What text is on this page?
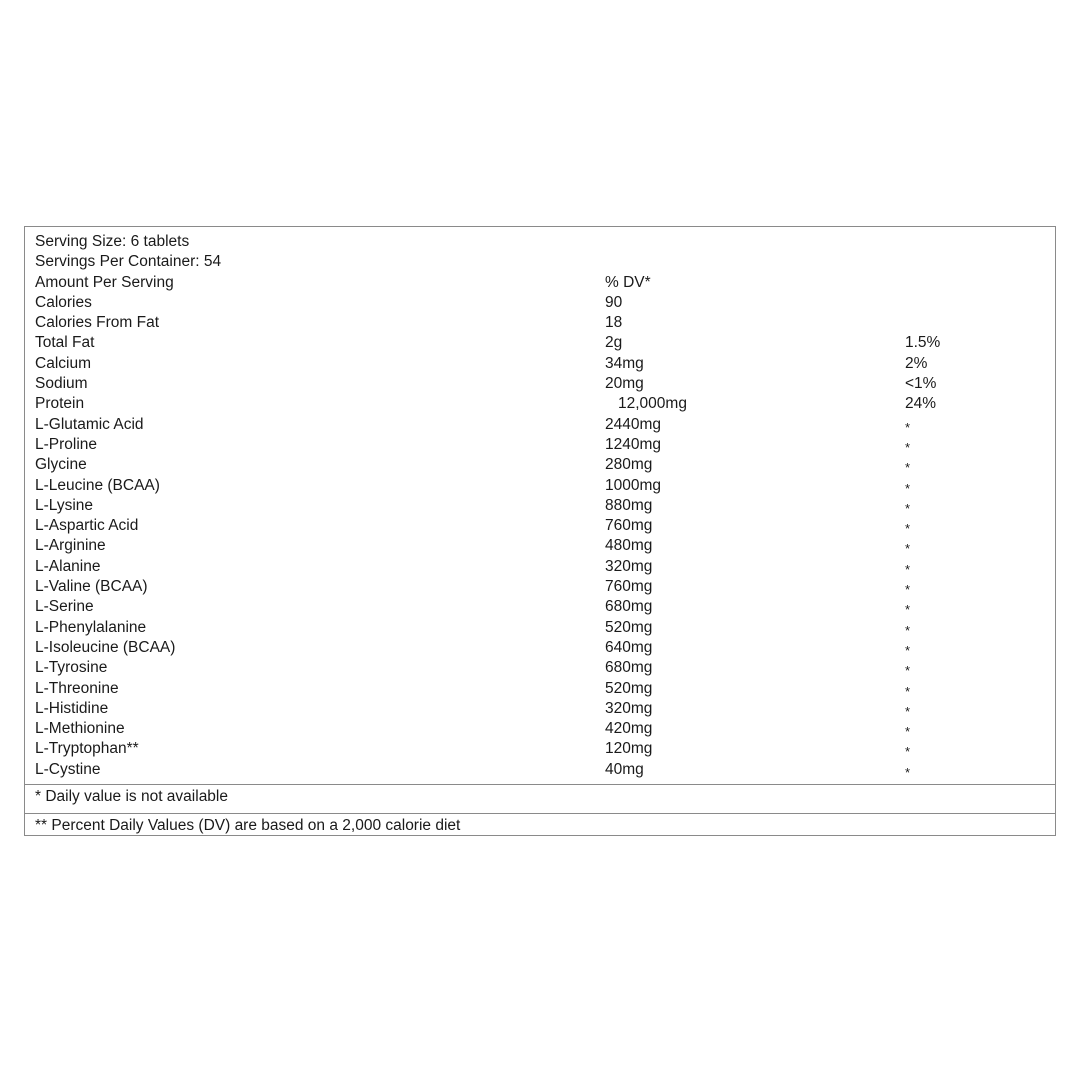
Serving Size: 6 tablets
Servings Per Container: 54
Amount Per Serving	% DV*
Calories	90
Calories From Fat	18
Total Fat	2g	1.5%
Calcium	34mg	2%
Sodium	20mg	<1%
Protein	12,000mg	24%
L-Glutamic Acid	2440mg	*
L-Proline	1240mg	*
Glycine	280mg	*
L-Leucine (BCAA)	1000mg	*
L-Lysine	880mg	*
L-Aspartic Acid	760mg	*
L-Arginine	480mg	*
L-Alanine	320mg	*
L-Valine (BCAA)	760mg	*
L-Serine	680mg	*
L-Phenylalanine	520mg	*
L-Isoleucine (BCAA)	640mg	*
L-Tyrosine	680mg	*
L-Threonine	520mg	*
L-Histidine	320mg	*
L-Methionine	420mg	*
L-Tryptophan**	120mg	*
L-Cystine	40mg	*
* Daily value is not available
** Percent Daily Values (DV) are based on a 2,000 calorie diet
